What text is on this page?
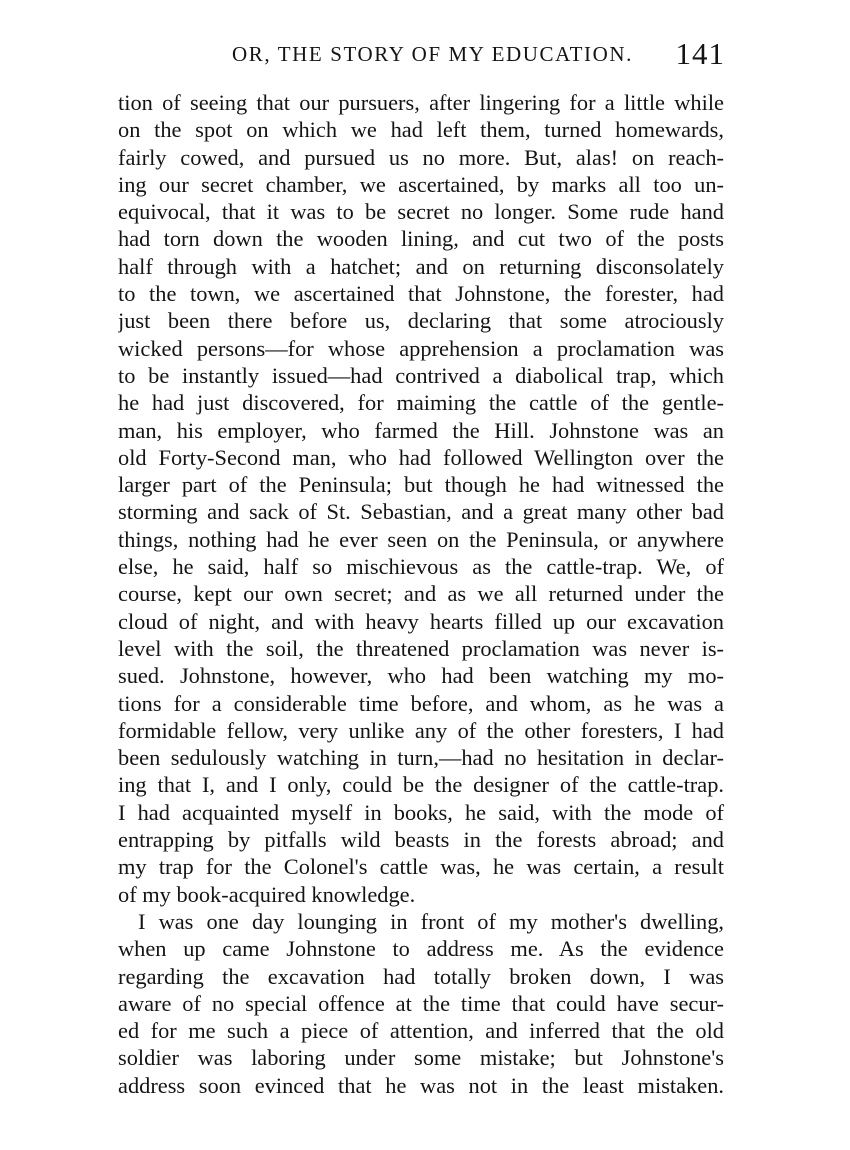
OR, THE STORY OF MY EDUCATION. 141
tion of seeing that our pursuers, after lingering for a little while
on the spot on which we had left them, turned homewards,
fairly cowed, and pursued us no more. But, alas! on reach-
ing our secret chamber, we ascertained, by marks all too un-
equivocal, that it was to be secret no longer. Some rude hand
had torn down the wooden lining, and cut two of the posts
half through with a hatchet; and on returning disconsolately
to the town, we ascertained that Johnstone, the forester, had
just been there before us, declaring that some atrociously
wicked persons—for whose apprehension a proclamation was
to be instantly issued—had contrived a diabolical trap, which
he had just discovered, for maiming the cattle of the gentle-
man, his employer, who farmed the Hill. Johnstone was an
old Forty-Second man, who had followed Wellington over the
larger part of the Peninsula; but though he had witnessed the
storming and sack of St. Sebastian, and a great many other bad
things, nothing had he ever seen on the Peninsula, or anywhere
else, he said, half so mischievous as the cattle-trap. We, of
course, kept our own secret; and as we all returned under the
cloud of night, and with heavy hearts filled up our excavation
level with the soil, the threatened proclamation was never is-
sued. Johnstone, however, who had been watching my mo-
tions for a considerable time before, and whom, as he was a
formidable fellow, very unlike any of the other foresters, I had
been sedulously watching in turn,—had no hesitation in declar-
ing that I, and I only, could be the designer of the cattle-trap.
I had acquainted myself in books, he said, with the mode of
entrapping by pitfalls wild beasts in the forests abroad; and
my trap for the Colonel's cattle was, he was certain, a result
of my book-acquired knowledge.
I was one day lounging in front of my mother's dwelling,
when up came Johnstone to address me. As the evidence
regarding the excavation had totally broken down, I was
aware of no special offence at the time that could have secur-
ed for me such a piece of attention, and inferred that the old
soldier was laboring under some mistake; but Johnstone's
address soon evinced that he was not in the least mistaken.
